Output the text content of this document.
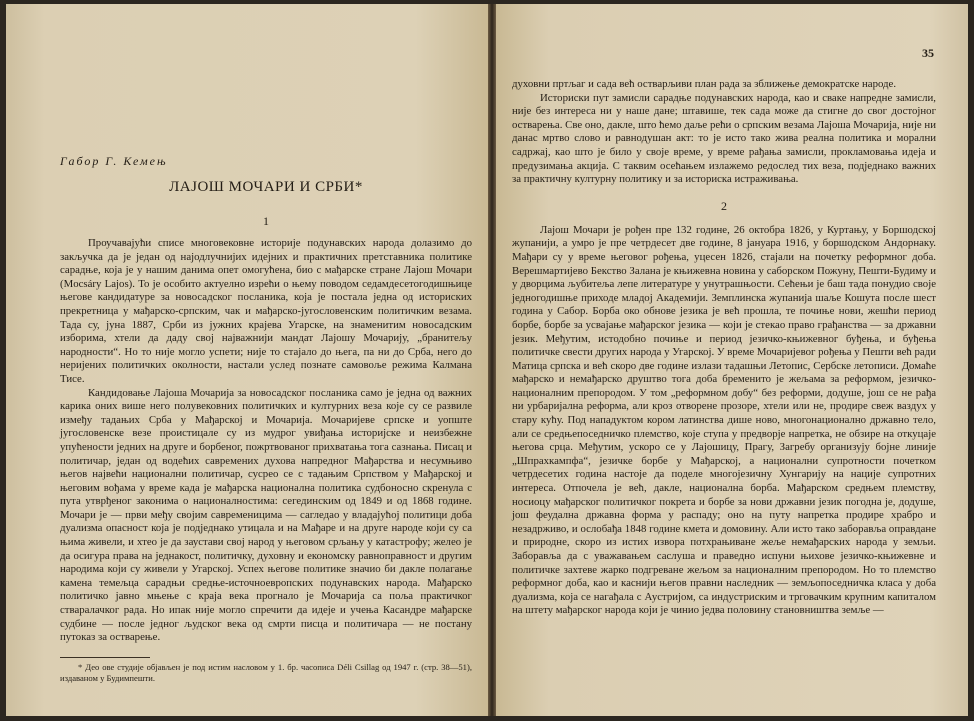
Габор Г. Кемењ
ЛАЈОШ МОЧАРИ И СРБИ*
1

Проучавајући списе многовековне историје подунавских народа долазимо до закључка да је један од најодлучнијих идејних и практичних претставника политике сарадње, која је у нашим данима опет омогућена, био с мађарске стране Лајош Мочари (Mocsáry Lajos). То је особито актуелно изрећи о њему поводом седамдесетогодишњице његове кандидатуре за новосадског посланика, која је постала једна од историских прекретница у мађарско-српским, чак и мађарско-југословенским политичким везама. Тада су, јуна 1887, Срби из јужних крајева Угарске, на знаменитим новосадским изборима, хтели да даду свој најважнији мандат Лајошу Мочарију, „бранитељу народности“. Но то није могло успети; није то стајало до њега, па ни до Срба, него до неријених политичких околности, настали услед познате самовоље режима Калмана Тисе.

Кандидовање Лајоша Мочарија за новосадског посланика само је једна од важних карика оних више него полувековних политичких и културних веза које су се развиле између тадањих Срба у Мађарској и Мочарија. Мочаријеве српске и уопште југословенске везе проистицале су из мудрог увиђања историјске и неизбежне упућености једних на друге и борбеног, пожртвованог прихватања тога сазнања. Писац и политичар, један од водећих савремених духова напредног Мађарства и несумњиво његов највећи национални политичар, сусрео се с тадањим Српством у Мађарској и његовим вођама у време када је мађарска национална политика судбоносно скренула с пута утврђеног законима о националностима: сегединским од 1849 и од 1868 године. Мочари је — први међу својим савременицима — сагледао у владајућој политици доба дуализма опасност која је подједнако утицала и на Мађаре и на друге народе који су са њима живели, и хтео је да заустави свој народ у његовом срљању у катастрофу; желео је да осигура права на једнакост, политичку, духовну и економску равноправност и другим народима који су живели у Угарској. Успех његове политике значио би дакле полагање камена темељца сарадњи средње-источноевропских подунавских народа. Мађарско политичко јавно мњење с краја века прогнало је Мочарија са поља практичког стваралачког рада. Но ипак није могло спречити да идеје и учења Касандре мађарске судбине — после једног људског века од смрти писца и политичара — не постану путоказ за остварење.

* Део ове студије објављен је под истим насловом у 1. бр. часописа Déli Csillag од 1947 г. (стр. 38—51), издаваном у Будимпешти.

35

духовни пртљаг и сада већ остварљиви план рада за зближење демократске народе.

Историски пут замисли сарадње подунавских народа, као и сваке напредне замисли, није без интереса ни у наше дане; штавише, тек сада може да стигне до свог достојног остварења. Све оно, дакле, што ћемо даље рећи о српским везама Лајоша Мочарија, није ни данас мртво слово и равнодушан акт: то је исто тако жива реална политика и морални садржај, као што је било у своје време, у време рађања замисли, прокламовања идеја и предузимања акција. С таквим осећањем излажемо редослед тих веза, подједнако важних за практичну културну политику и за историска истраживања.

2

Лајош Мочари је рођен пре 132 године, 26 октобра 1826, у Куртању, у Боршодској жупанији, а умро је пре четрдесет две године, 8 јануара 1916, у боршодском Андорнаку. Мађари су у време његовог рођења, уцесен 1826, стајали на почетку реформног доба. Верешмартијево Бекство Залана је књижевна новина у саборском Пожуну, Пешти-Будиму и у дворцима љубитеља лепе литературе у унутрашњости. Сећењи је баш тада понудио своје једногодишње приходе младој Академији. Земплинска жупанија шаље Кошута после шест година у Сабор. Борба око обнове језика је већ прошла, те почиње нови, жешћи период борбе, борбе за усвајање мађарског језика — који је стекао право грађанства — за државни језик. Међутим, истодобно почиње и период језичко-књижевног буђења, и буђења политичке свести других народа у Угарској. У време Мочаријевог рођења у Пешти већ ради Матица српска и већ скоро две године излази тадашњи Летопис, Сербске летописи. Домаће мађарско и немађарско друштво тога доба бременито је жељама за реформом, језичко-националним препородом. У том „реформном добу“ без реформи, додуше, још се не рађа ни урбаријална реформа, али кроз отворене прозоре, хтели или не, продире свеж ваздух у стару кућу. Под нападуктом кором латинства дише ново, многонационално државно тело, али се средњепоседничко племство, које ступа у предворје напретка, не обзире на откуцаје његова срца. Међутим, ускоро се у Лајошицу, Прагу, Загребу организују бојне линије „Шпрахкампфа“, језичке борбе у Мађарској, а национални супротности почетком четрдесетих година настоје да поделе многојезичну Хунгарију на нације супротних интереса. Отпочела је већ, дакле, национална борба. Мађарском средњем племству, носиоцу мађарског политичког покрета и борбе за нови државни језик погодна је, додуше, још феудална државна форма у распаду; оно на путу напретка продире храбро и незадрживо, и ослобађа 1848 године кмета и домовину. Али исто тако заборавља оправдане и природне, скоро из истих извора потхрањиване жеље немађарских народа у земљи. Заборавља да с уважавањем саслуша и праведно испуни њихове језичко-књижевне и политичке захтеве жарко подгреване жељом за националним препородом. Но то племство реформног доба, као и каснији његов правни наследник — земљопоседничка класа у доба дуализма, која се нагађала с Аустријом, са индустриским и трговачким крупним капиталом на штету мађарског народа који је чинио једва половину становништва земље —
